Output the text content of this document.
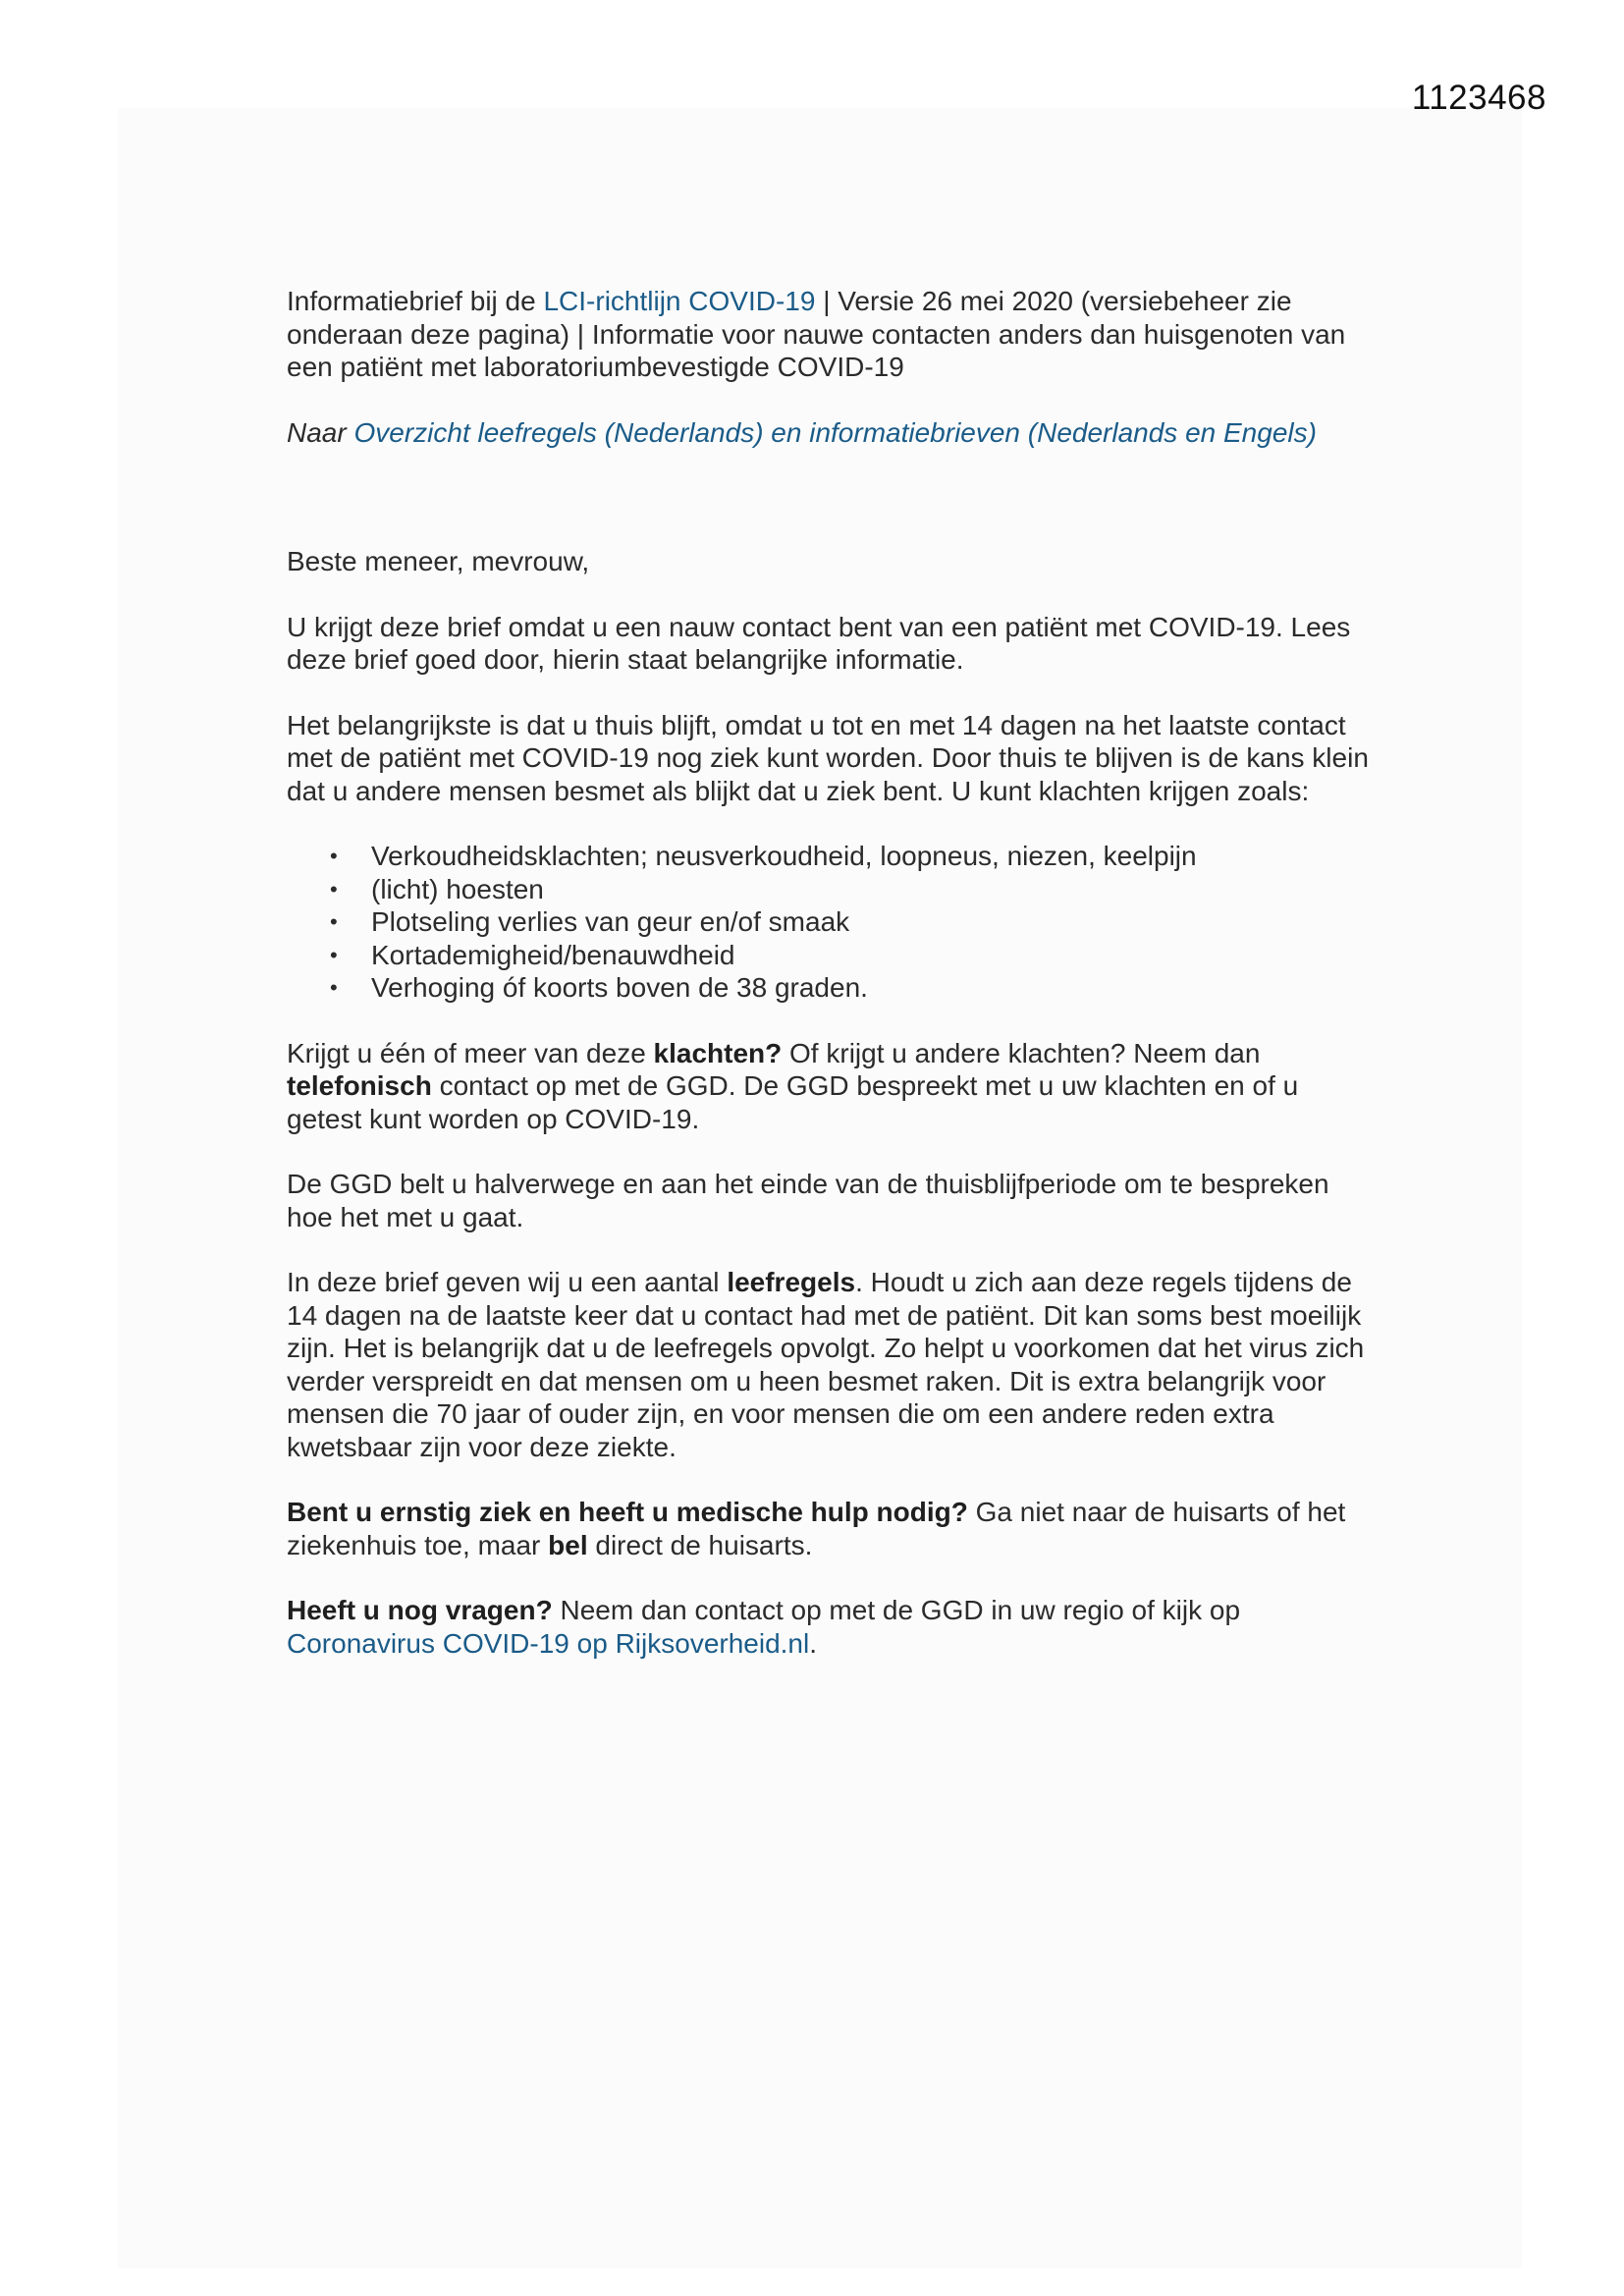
1123468

Informatiebrief bij de LCI-richtlijn COVID-19 | Versie 26 mei 2020 (versiebeheer zie onderaan deze pagina) | Informatie voor nauwe contacten anders dan huisgenoten van een patiënt met laboratoriumbevestigde COVID-19

Naar Overzicht leefregels (Nederlands) en informatiebrieven (Nederlands en Engels)

Beste meneer, mevrouw,

U krijgt deze brief omdat u een nauw contact bent van een patiënt met COVID-19. Lees deze brief goed door, hierin staat belangrijke informatie.

Het belangrijkste is dat u thuis blijft, omdat u tot en met 14 dagen na het laatste contact met de patiënt met COVID-19 nog ziek kunt worden. Door thuis te blijven is de kans klein dat u andere mensen besmet als blijkt dat u ziek bent. U kunt klachten krijgen zoals:

• Verkoudheidsklachten; neusverkoudheid, loopneus, niezen, keelpijn
• (licht) hoesten
• Plotseling verlies van geur en/of smaak
• Kortademigheid/benauwdheid
• Verhoging óf koorts boven de 38 graden.

Krijgt u één of meer van deze klachten? Of krijgt u andere klachten? Neem dan telefonisch contact op met de GGD. De GGD bespreekt met u uw klachten en of u getest kunt worden op COVID-19.

De GGD belt u halverwege en aan het einde van de thuisblijfperiode om te bespreken hoe het met u gaat.

In deze brief geven wij u een aantal leefregels. Houdt u zich aan deze regels tijdens de 14 dagen na de laatste keer dat u contact had met de patiënt. Dit kan soms best moeilijk zijn. Het is belangrijk dat u de leefregels opvolgt. Zo helpt u voorkomen dat het virus zich verder verspreidt en dat mensen om u heen besmet raken. Dit is extra belangrijk voor mensen die 70 jaar of ouder zijn, en voor mensen die om een andere reden extra kwetsbaar zijn voor deze ziekte.

Bent u ernstig ziek en heeft u medische hulp nodig? Ga niet naar de huisarts of het ziekenhuis toe, maar bel direct de huisarts.

Heeft u nog vragen? Neem dan contact op met de GGD in uw regio of kijk op Coronavirus COVID-19 op Rijksoverheid.nl.
